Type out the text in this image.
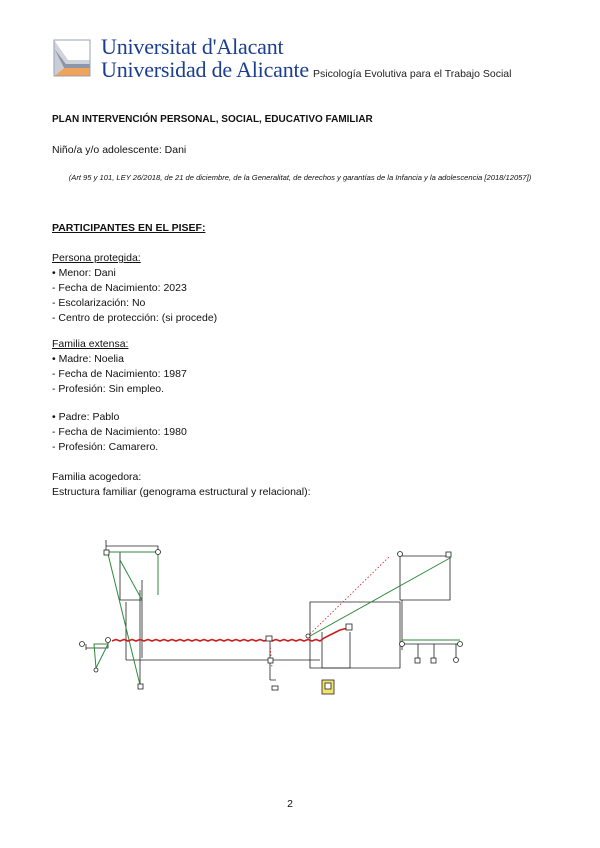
Universitat d'Alacant
Universidad de Alicante Psicología Evolutiva para el Trabajo Social
PLAN INTERVENCIÓN PERSONAL, SOCIAL, EDUCATIVO FAMILIAR
Niño/a y/o adolescente: Dani
(Art 95 y 101, LEY 26/2018, de 21 de diciembre, de la Generalitat, de derechos y garantías de la Infancia y la adolescencia [2018/12057])
PARTICIPANTES EN EL PISEF:
Persona protegida:
• Menor: Dani
- Fecha de Nacimiento: 2023
- Escolarización: No
- Centro de protección: (si procede)
Familia extensa:
• Madre: Noelia
- Fecha de Nacimiento: 1987
- Profesión: Sin empleo.
• Padre: Pablo
- Fecha de Nacimiento: 1980
- Profesión: Camarero.
Familia acogedora:
Estructura familiar (genograma estructural y relacional):
2
